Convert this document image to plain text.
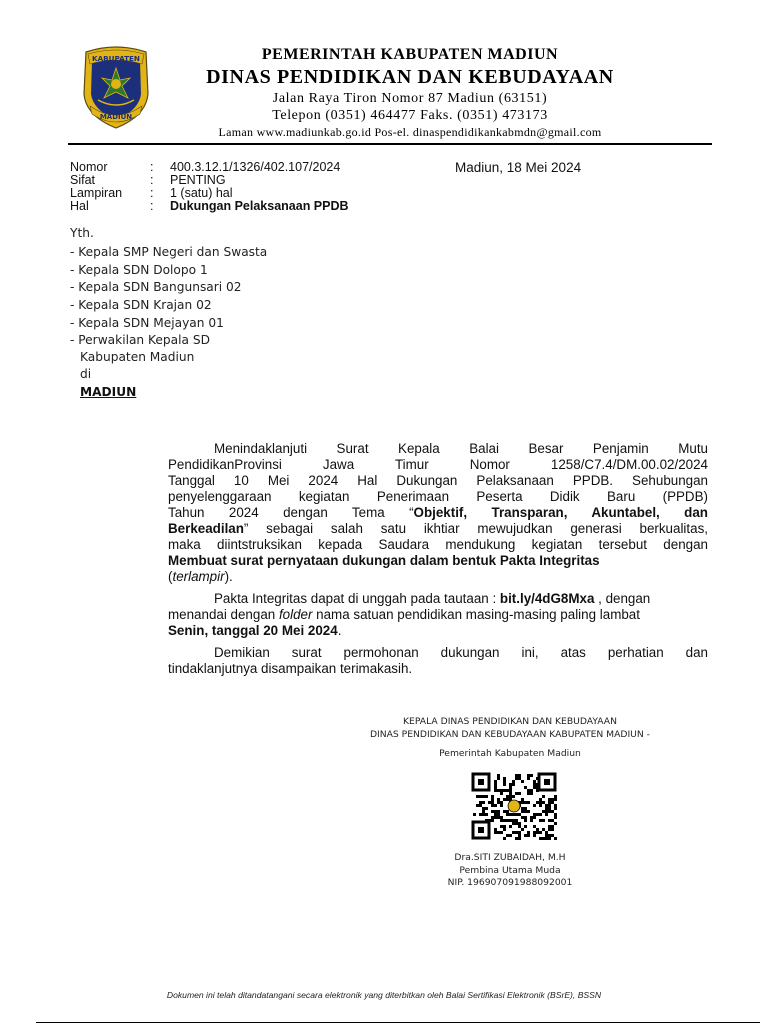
KABUPATEN
MADIUN
PEMERINTAH KABUPATEN MADIUN
DINAS PENDIDIKAN DAN KEBUDAYAAN
Jalan Raya Tiron Nomor 87 Madiun (63151)
Telepon (0351) 464477 Faks. (0351) 473173
Laman www.madiunkab.go.id Pos-el. dinaspendidikankabmdn@gmail.com
Nomor	: 400.3.12.1/1326/402.107/2024
Sifat	: PENTING
Lampiran : 1 (satu) hal
Hal	: Dukungan Pelaksanaan PPDB
Madiun, 18 Mei 2024
Yth.
- Kepala SMP Negeri dan Swasta
- Kepala SDN Dolopo 1
- Kepala SDN Bangunsari 02
- Kepala SDN Krajan 02
- Kepala SDN Mejayan 01
- Perwakilan Kepala SD
Kabupaten Madiun
di
MADIUN
Menindaklanjuti Surat Kepala Balai Besar Penjamin Mutu
PendidikanProvinsi Jawa Timur Nomor 1258/C7.4/DM.00.02/2024
Tanggal 10 Mei 2024 Hal Dukungan Pelaksanaan PPDB. Sehubungan
penyelenggaraan kegiatan Penerimaan Peserta Didik Baru (PPDB)
Tahun 2024 dengan Tema “Objektif, Transparan, Akuntabel, dan
Berkeadilan” sebagai salah satu ikhtiar mewujudkan generasi berkualitas,
maka diintstruksikan kepada Saudara mendukung kegiatan tersebut dengan
Membuat surat pernyataan dukungan dalam bentuk Pakta Integritas
(terlampir).
Pakta Integritas dapat di unggah pada tautaan : bit.ly/4dG8Mxa , dengan
menandai dengan folder nama satuan pendidikan masing-masing paling lambat
Senin, tanggal 20 Mei 2024.
Demikian surat permohonan dukungan ini, atas perhatian dan
tindaklanjutnya disampaikan terimakasih.
KEPALA DINAS PENDIDIKAN DAN KEBUDAYAAN
DINAS PENDIDIKAN DAN KEBUDAYAAN KABUPATEN MADIUN -
Pemerintah Kabupaten Madiun
Dra.SITI ZUBAIDAH, M.H
Pembina Utama Muda
NIP. 196907091988092001
Dokumen ini telah ditandatangani secara elektronik yang diterbitkan oleh Balai Sertifikasi Elektronik (BSrE), BSSN
